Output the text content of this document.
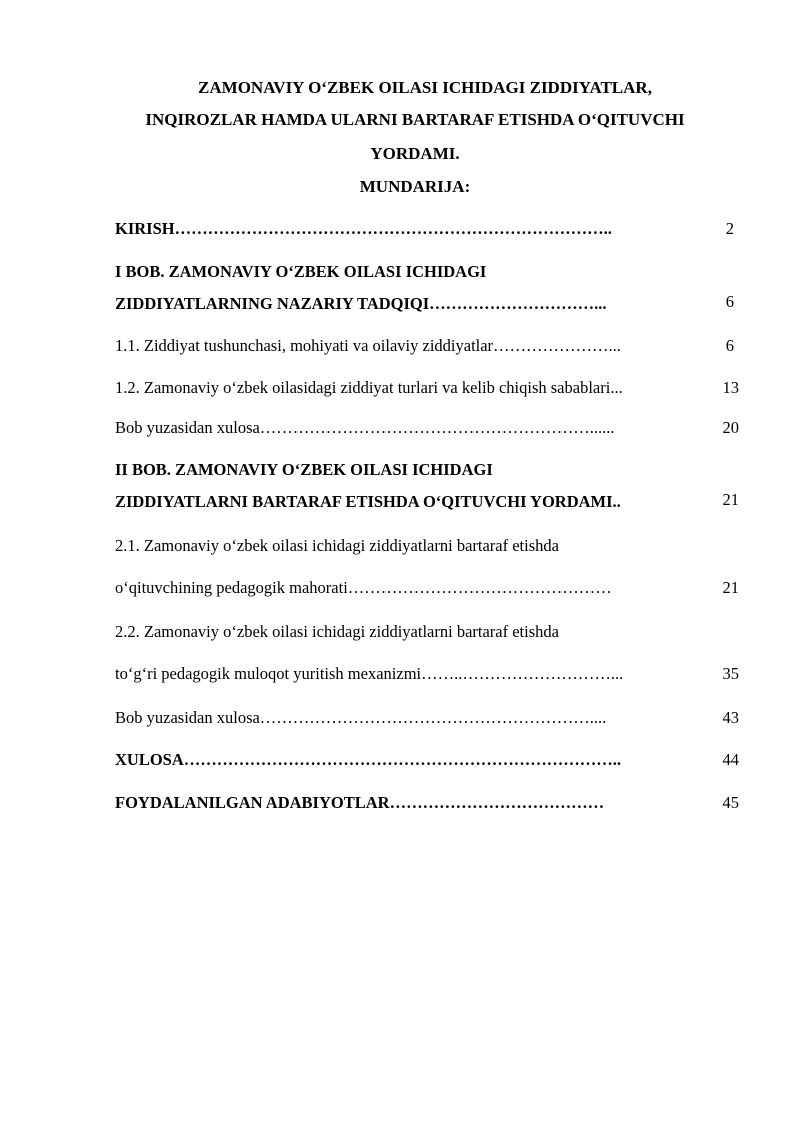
ZAMONAVIY O‘ZBEK OILASI ICHIDAGI ZIDDIYATLAR,
INQIROZLAR HAMDA ULARNI BARTARAF ETISHDA O‘QITUVCHI
YORDAMI.
MUNDARIJA:
KIRISH……………………………………………………………………..	2
I BOB. ZAMONAVIY O‘ZBEK OILASI ICHIDAGI
ZIDDIYATLARNING NAZARIY TADQIQI…………………………...	6
1.1. Ziddiyat tushunchasi, mohiyati va oilaviy ziddiyatlar…………………...	6
1.2. Zamonaviy o‘zbek oilasidagi ziddiyat turlari va kelib chiqish sabablari...	13
Bob yuzasidan xulosa……………………………………………………......	20
II BOB. ZAMONAVIY O‘ZBEK OILASI ICHIDAGI
ZIDDIYATLARNI BARTARAF ETISHDA O‘QITUVCHI YORDAMI..	21
2.1. Zamonaviy o‘zbek oilasi ichidagi ziddiyatlarni bartaraf etishda
o‘qituvchining pedagogik mahorati…………………………………………	21
2.2. Zamonaviy o‘zbek oilasi ichidagi ziddiyatlarni bartaraf etishda
to‘g‘ri pedagogik muloqot yuritish mexanizmi……..………………………...	35
Bob yuzasidan xulosa……………………………………………………....	43
XULOSA……………………………………………………………………..	44
FOYDALANILGAN ADABIYOTLAR…………………………………	45
